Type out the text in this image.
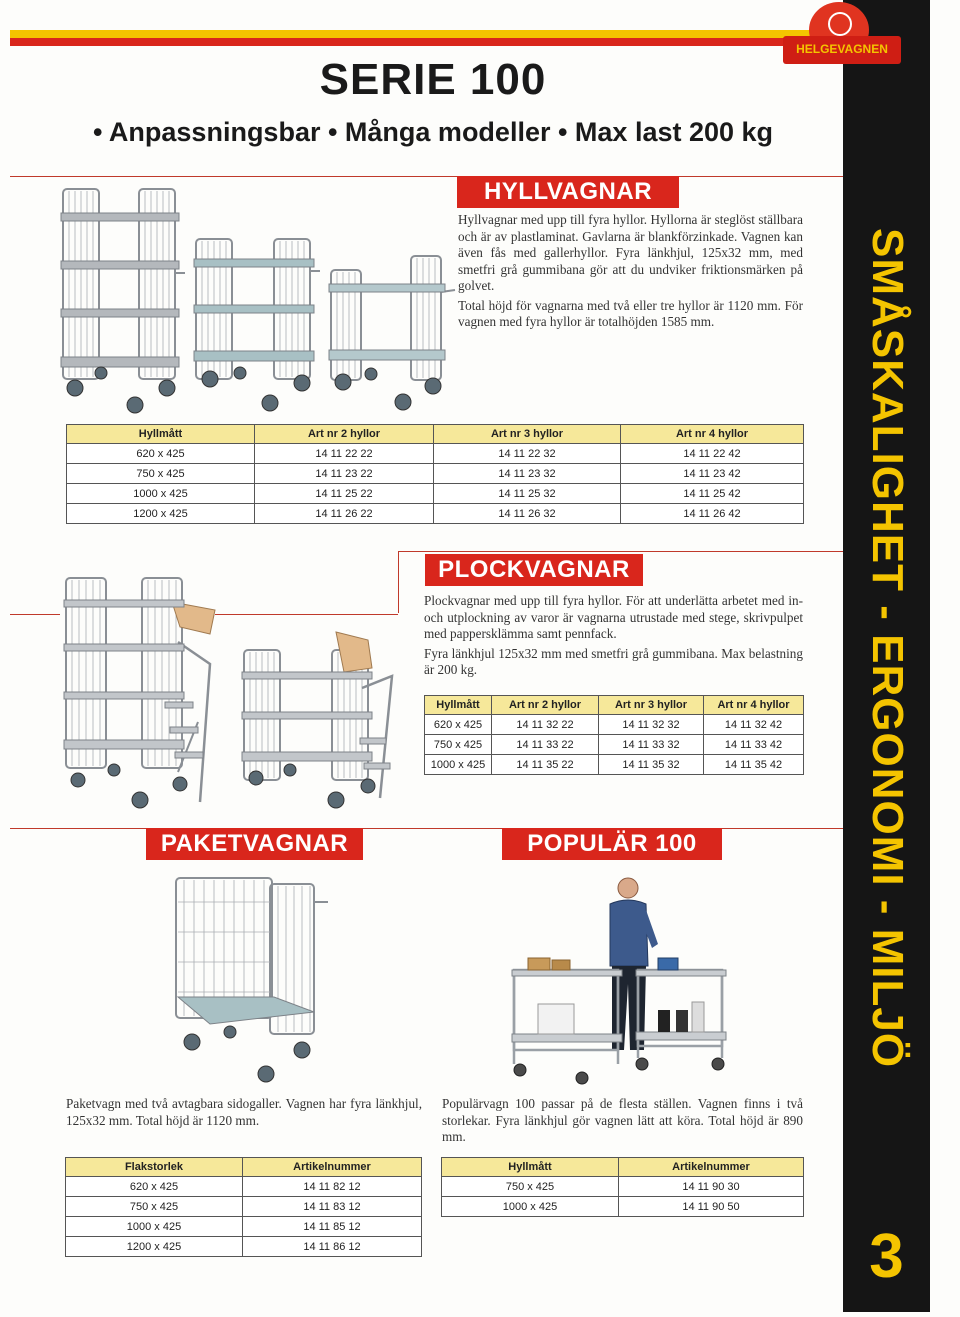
SMÅSKALIGHET - ERGONOMI - MILJÖ
3
HELGEVAGNEN
SERIE 100
• Anpassningsbar • Många modeller • Max last 200 kg
HYLLVAGNAR

Hyllvagnar med upp till fyra hyllor. Hyllorna är steglöst ställbara och är av plastlaminat. Gavlarna är blankförzinkade. Vagnen kan även fås med gallerhyllor. Fyra länkhjul, 125x32 mm, med smetfri grå gummibana gör att du undviker friktionsmärken på golvet.

Total höjd för vagnarna med två eller tre hyllor är 1120 mm. För vagnen med fyra hyllor är totalhöjden 1585 mm.

Hyllmått	Art nr 2 hyllor	Art nr 3 hyllor	Art nr 4 hyllor
620 x 425	14 11 22 22	14 11 22 32	14 11 22 42
750 x 425	14 11 23 22	14 11 23 32	14 11 23 42
1000 x 425	14 11 25 22	14 11 25 32	14 11 25 42
1200 x 425	14 11 26 22	14 11 26 32	14 11 26 42
PLOCKVAGNAR

Plockvagnar med upp till fyra hyllor. För att underlätta arbetet med in- och utplockning av varor är vagnarna utrustade med stege, skrivpulpet med pappersklämma samt pennfack.

Fyra länkhjul 125x32 mm med smetfri grå gummibana. Max belastning är 200 kg.

Hyllmått	Art nr 2 hyllor	Art nr 3 hyllor	Art nr 4 hyllor
620 x 425	14 11 32 22	14 11 32 32	14 11 32 42
750 x 425	14 11 33 22	14 11 33 32	14 11 33 42
1000 x 425	14 11 35 22	14 11 35 32	14 11 35 42
PAKETVAGNAR
Paketvagn med två avtagbara sidogaller. Vagnen har fyra länkhjul, 125x32 mm. Total höjd är 1120 mm.
Flakstorlek	Artikelnummer
620 x 425	14 11 82 12
750 x 425	14 11 83 12
1000 x 425	14 11 85 12
1200 x 425	14 11 86 12
POPULÄR 100
Populärvagn 100 passar på de flesta ställen. Vagnen finns i två storlekar. Fyra länkhjul gör vagnen lätt att köra. Total höjd är 890 mm.
Hyllmått	Artikelnummer
750 x 425	14 11 90 30
1000 x 425	14 11 90 50
